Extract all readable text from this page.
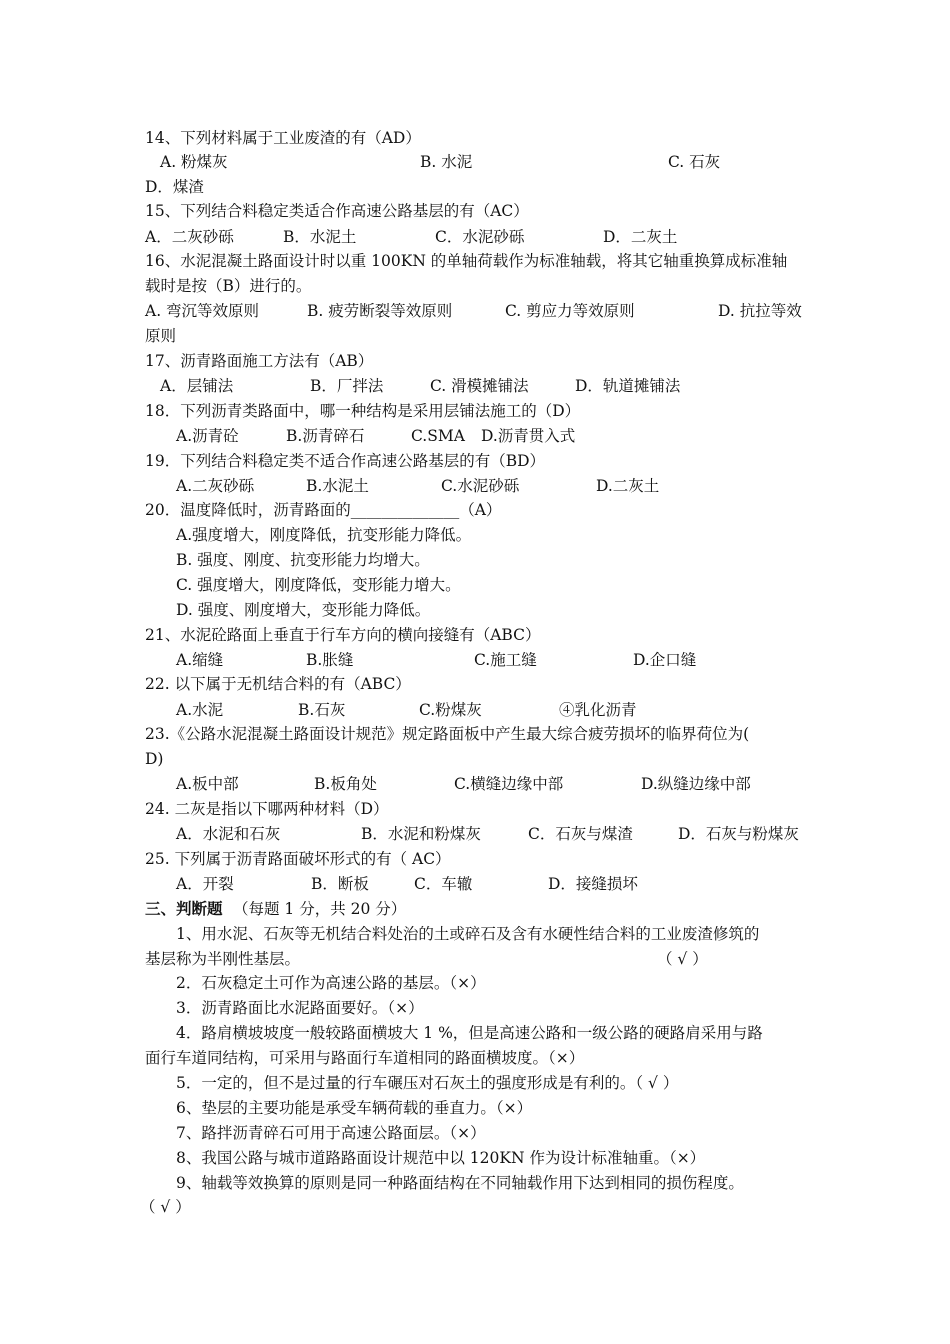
14、下列材料属于工业废渣的有（AD）
A. 粉煤灰	B. 水泥	C. 石灰
D．煤渣
15、下列结合料稳定类适合作高速公路基层的有（AC）
A．二灰砂砾	B．水泥土	C．水泥砂砾	D．二灰土
16、水泥混凝土路面设计时以重 100KN 的单轴荷载作为标准轴载，将其它轴重换算成标准轴
载时是按（B）进行的。
A. 弯沉等效原则	B. 疲劳断裂等效原则	C. 剪应力等效原则	D. 抗拉等效
原则
17、沥青路面施工方法有（AB）
A．层铺法	B．厂拌法	C. 滑模摊铺法	D．轨道摊铺法
18．下列沥青类路面中，哪一种结构是采用层铺法施工的（D）
A.沥青砼	B.沥青碎石	C.SMA D.沥青贯入式
19．下列结合料稳定类不适合作高速公路基层的有（BD）
A.二灰砂砾	B.水泥土	C.水泥砂砾	D.二灰土
20．温度降低时，沥青路面的______________（A）
A.强度增大，刚度降低，抗变形能力降低。
B. 强度、刚度、抗变形能力均增大。
C. 强度增大，刚度降低，变形能力增大。
D. 强度、刚度增大，变形能力降低。
21、水泥砼路面上垂直于行车方向的横向接缝有（ABC）
A.缩缝	B.胀缝	C.施工缝	D.企口缝
22. 以下属于无机结合料的有（ABC）
A.水泥	B.石灰	C.粉煤灰	④乳化沥青
23.《公路水泥混凝土路面设计规范》规定路面板中产生最大综合疲劳损坏的临界荷位为(
D)
A.板中部	B.板角处	C.横缝边缘中部	D.纵缝边缘中部
24. 二灰是指以下哪两种材料（D）
A．水泥和石灰	B．水泥和粉煤灰	C．石灰与煤渣	D．石灰与粉煤灰
25. 下列属于沥青路面破坏形式的有（ AC）
A．开裂	B．断板	C．车辙	D．接缝损坏
三、判断题 （每题 1 分，共 20 分）
1、用水泥、石灰等无机结合料处治的土或碎石及含有水硬性结合料的工业废渣修筑的
基层称为半刚性基层。	（ √ ）
2．石灰稳定土可作为高速公路的基层。（×）
3．沥青路面比水泥路面要好。（×）
4．路肩横坡坡度一般较路面横坡大 1 %，但是高速公路和一级公路的硬路肩采用与路
面行车道同结构，可采用与路面行车道相同的路面横坡度。（×）
5．一定的，但不是过量的行车碾压对石灰土的强度形成是有利的。（ √ ）
6、垫层的主要功能是承受车辆荷载的垂直力。（×）
7、路拌沥青碎石可用于高速公路面层。（×）
8、我国公路与城市道路路面设计规范中以 120KN 作为设计标准轴重。（×）
9、轴载等效换算的原则是同一种路面结构在不同轴载作用下达到相同的损伤程度。
（ √ ）
